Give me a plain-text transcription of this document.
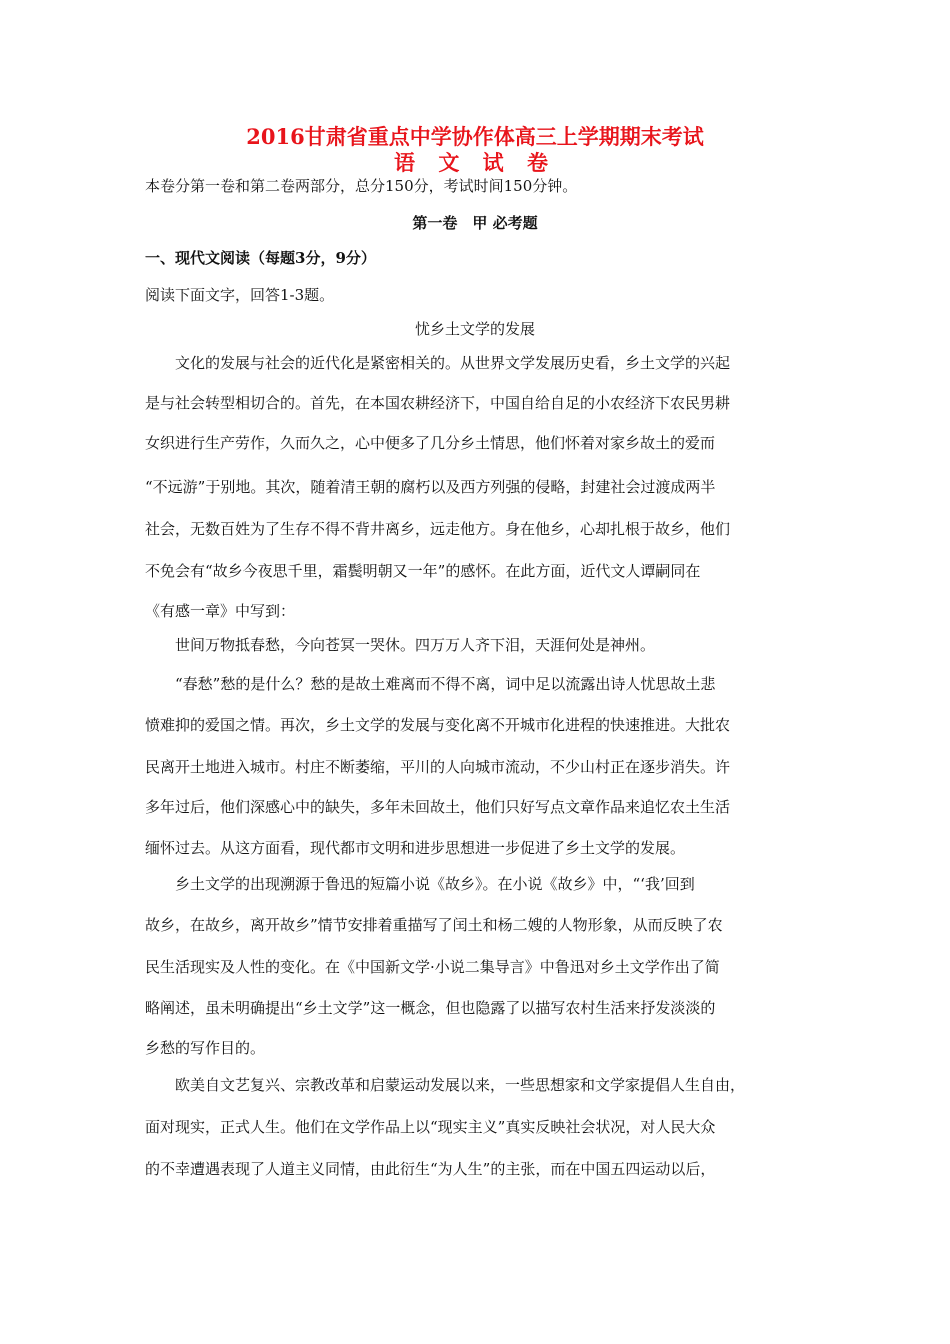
2016甘肃省重点中学协作体高三上学期期末考试
语 文 试 卷
本卷分第一卷和第二卷两部分，总分150分，考试时间150分钟。
第一卷　甲 必考题
一、现代文阅读（每题3分，9分）
阅读下面文字，回答1-3题。
忧乡土文学的发展
　　文化的发展与社会的近代化是紧密相关的。从世界文学发展历史看，乡土文学的兴起
是与社会转型相切合的。首先，在本国农耕经济下，中国自给自足的小农经济下农民男耕
女织进行生产劳作，久而久之，心中便多了几分乡土情思，他们怀着对家乡故土的爱而
“不远游”于别地。其次，随着清王朝的腐朽以及西方列强的侵略，封建社会过渡成两半
社会，无数百姓为了生存不得不背井离乡，远走他方。身在他乡，心却扎根于故乡，他们
不免会有“故乡今夜思千里，霜鬓明朝又一年”的感怀。在此方面，近代文人谭嗣同在
《有感一章》中写到：
　　世间万物抵春愁，今向苍冥一哭休。四万万人齐下泪，天涯何处是神州。
　　“春愁”愁的是什么？愁的是故土难离而不得不离，词中足以流露出诗人忧思故土悲
愤难抑的爱国之情。再次，乡土文学的发展与变化离不开城市化进程的快速推进。大批农
民离开土地进入城市。村庄不断萎缩，平川的人向城市流动，不少山村正在逐步消失。许
多年过后，他们深感心中的缺失，多年未回故土，他们只好写点文章作品来追忆农土生活
缅怀过去。从这方面看，现代都市文明和进步思想进一步促进了乡土文学的发展。
　　乡土文学的出现溯源于鲁迅的短篇小说《故乡》。在小说《故乡》中，“‘我’回到
故乡，在故乡，离开故乡”情节安排着重描写了闰土和杨二嫂的人物形象，从而反映了农
民生活现实及人性的变化。在《中国新文学·小说二集导言》中鲁迅对乡土文学作出了简
略阐述，虽未明确提出“乡土文学”这一概念，但也隐露了以描写农村生活来抒发淡淡的
乡愁的写作目的。
　　欧美自文艺复兴、宗教改革和启蒙运动发展以来，一些思想家和文学家提倡人生自由，
面对现实，正式人生。他们在文学作品上以“现实主义”真实反映社会状况，对人民大众
的不幸遭遇表现了人道主义同情，由此衍生“为人生”的主张，而在中国五四运动以后，
